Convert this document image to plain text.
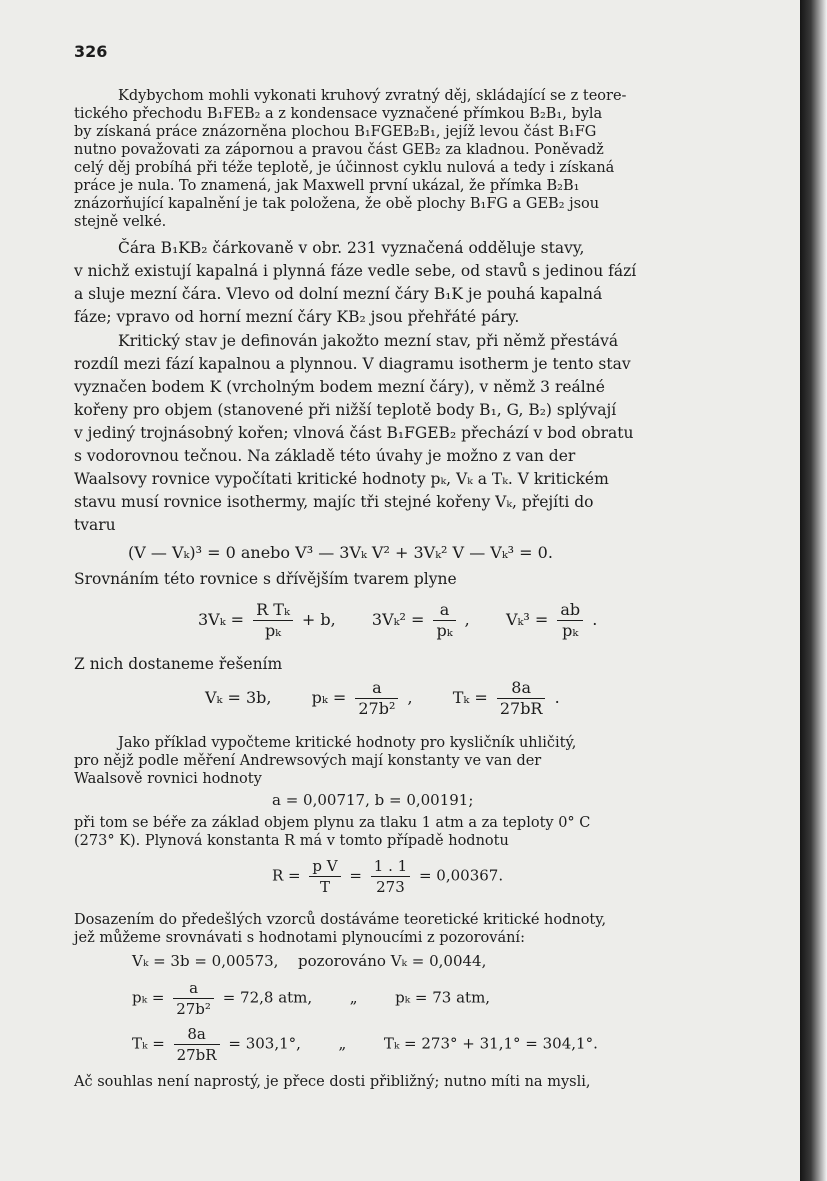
326
Kdybychom mohli vykonati kruhový zvratný děj, skládající se z teore-
tického přechodu B₁FEB₂ a z kondensace vyznačené přímkou B₂B₁, byla
by získaná práce znázorněna plochou B₁FGEB₂B₁, jejíž levou část B₁FG
nutno považovati za zápornou a pravou část GEB₂ za kladnou. Poněvadž
celý děj probíhá při téže teplotě, je účinnost cyklu nulová a tedy i získaná
práce je nula. To znamená, jak Maxwell první ukázal, že přímka B₂B₁
znázorňující kapalnění je tak položena, že obě plochy B₁FG a GEB₂ jsou
stejně velké.
Čára B₁KB₂ čárkovaně v obr. 231 vyznačená odděluje stavy,
v nichž existují kapalná i plynná fáze vedle sebe, od stavů s jedinou fází
a sluje mezní čára. Vlevo od dolní mezní čáry B₁K je pouhá kapalná
fáze; vpravo od horní mezní čáry KB₂ jsou přehřáté páry.
Kritický stav je definován jakožto mezní stav, při němž přestává
rozdíl mezi fází kapalnou a plynnou. V diagramu isotherm je tento stav
vyznačen bodem K (vrcholným bodem mezní čáry), v němž 3 reálné
kořeny pro objem (stanovené při nižší teplotě body B₁, G, B₂) splývají
v jediný trojnásobný kořen; vlnová část B₁FGEB₂ přechází v bod obratu
s vodorovnou tečnou. Na základě této úvahy je možno z van der
Waalsovy rovnice vypočítati kritické hodnoty pₖ, Vₖ a Tₖ. V kritickém
stavu musí rovnice isothermy, majíc tři stejné kořeny Vₖ, přejíti do
tvaru
(V — Vₖ)³ = 0 anebo V³ — 3Vₖ V² + 3Vₖ² V — Vₖ³ = 0.
Srovnáním této rovnice s dřívějším tvarem plyne
$3V_k = \frac{\text{R Tₖ}}{\text{pₖ}} + b$, $3V_k^2 = \frac{a}{\text{pₖ}}$ , $V_k^3 = \frac{ab}{\text{pₖ}}$ .
Z nich dostaneme řešením
Vₖ = 3b,	$p_k = \frac{a}{\text{27b²}}$ ,	$T_k = \frac{8a}{27bR}$ .
Jako příklad vypočteme kritické hodnoty pro kysličník uhličitý,
pro nějž podle měření Andrewsových mají konstanty ve van der
Waalsově rovnici hodnoty
a = 0,00717, b = 0,00191;
při tom se béře za základ objem plynu za tlaku 1 atm a za teploty 0° C
(273° K). Plynová konstanta R má v tomto případě hodnotu
$R = \frac{\text{p V}}{T} = \frac{1 . 1}{273} = 0,00367$.
Dosazením do předešlých vzorců dostáváme teoretické kritické hodnoty,
jež můžeme srovnávati s hodnotami plynoucími z pozorování:
Vₖ = 3b = 0,00573, pozorováno Vₖ = 0,0044,
$p_k = \frac{a}{\text{27b²}} = 72,8$ atm,	„	pₖ = 73 atm,
$T_k = \frac{8a}{27bR} = 303,1^\circ$,	„	Tₖ = 273° + 31,1° = 304,1°.
Ač souhlas není naprostý, je přece dosti přibližný; nutno míti na mysli,
